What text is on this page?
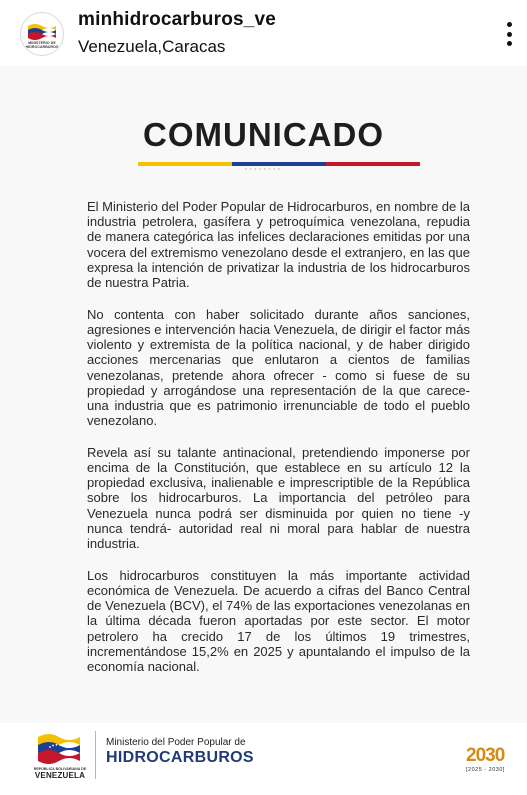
MINISTERIO DE HIDROCARBUROS
minhidrocarburos_ve
Venezuela,Caracas
COMUNICADO
★★★★★★★★

El Ministerio del Poder Popular de Hidrocarburos, en nombre de la industria petrolera, gasífera y petroquímica venezolana, repudia de manera categórica las infelices declaraciones emitidas por una vocera del extremismo venezolano desde el extranjero, en las que expresa la intención de privatizar la industria de los hidrocarburos de nuestra Patria.

No contenta con haber solicitado durante años sanciones, agresiones e intervención hacia Venezuela, de dirigir el factor más violento y extremista de la política nacional, y de haber dirigido acciones mercenarias que enlutaron a cientos de familias venezolanas, pretende ahora ofrecer - como si fuese de su propiedad y arrogándose una representación de la que carece- una industria que es patrimonio irrenunciable de todo el pueblo venezolano.

Revela así su talante antinacional, pretendiendo imponerse por encima de la Constitución, que establece en su artículo 12 la propiedad exclusiva, inalienable e imprescriptible de la República sobre los hidrocarburos. La importancia del petróleo para Venezuela nunca podrá ser disminuida por quien no tiene -y nunca tendrá- autoridad real ni moral para hablar de nuestra industria.

Los hidrocarburos constituyen la más importante actividad económica de Venezuela. De acuerdo a cifras del Banco Central de Venezuela (BCV), el 74% de las exportaciones venezolanas en la última década fueron aportadas por este sector. El motor petrolero ha crecido 17 de los últimos 19 trimestres, incrementándose 15,2% en 2025 y apuntalando el impulso de la economía nacional.

REPÚBLICA BOLIVARIANA DE
VENEZUELA
Ministerio del Poder Popular de
HIDROCARBUROS	2030
[2025 - 2030]
